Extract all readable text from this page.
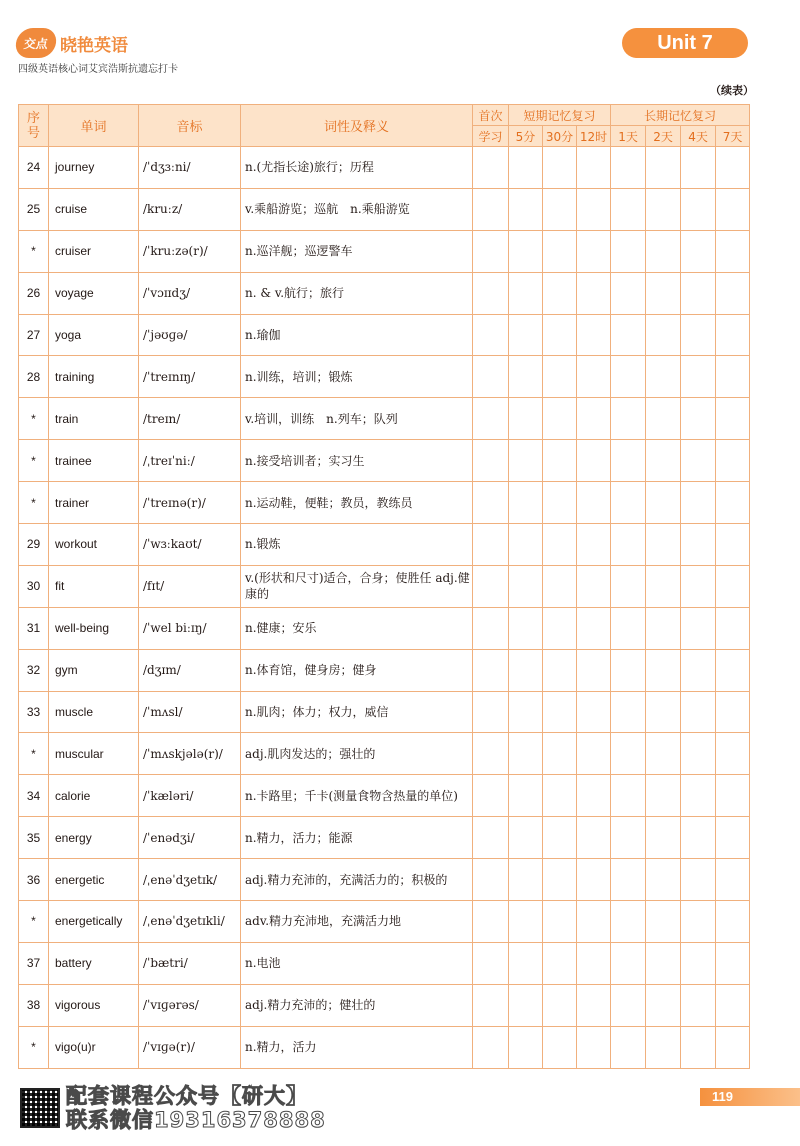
交点 晓艳英语
四级英语核心词艾宾浩斯抗遗忘打卡
Unit 7
（续表）
序
号	单词	音标	词性及释义	首次	短期记忆复习			长期记忆复习			
				学习	5分	30分	12时	1天	2天	4天	7天
24	journey	/ˈdʒɜːni/	n.(尤指长途)旅行；历程								
25	cruise	/kruːz/	v.乘船游览；巡航　n.乘船游览								
*	cruiser	/ˈkruːzə(r)/	n.巡洋舰；巡逻警车								
26	voyage	/ˈvɔɪɪdʒ/	n. & v.航行；旅行								
27	yoga	/ˈjəʊɡə/	n.瑜伽								
28	training	/ˈtreɪnɪŋ/	n.训练，培训；锻炼								
*	train	/treɪn/	v.培训，训练　n.列车；队列								
*	trainee	/ˌtreɪˈniː/	n.接受培训者；实习生								
*	trainer	/ˈtreɪnə(r)/	n.运动鞋，便鞋；教员，教练员								
29	workout	/ˈwɜːkaʊt/	n.锻炼								
30	fit	/fɪt/	v.(形状和尺寸)适合，合身；使胜任 adj.健康的								
31	well-being	/ˈwel biːɪŋ/	n.健康；安乐								
32	gym	/dʒɪm/	n.体育馆，健身房；健身								
33	muscle	/ˈmʌsl/	n.肌肉；体力；权力，威信								
*	muscular	/ˈmʌskjələ(r)/	adj.肌肉发达的；强壮的								
34	calorie	/ˈkæləri/	n.卡路里；千卡(测量食物含热量的单位)								
35	energy	/ˈenədʒi/	n.精力，活力；能源								
36	energetic	/ˌenəˈdʒetɪk/	adj.精力充沛的，充满活力的；积极的								
*	energetically	/ˌenəˈdʒetɪkli/	adv.精力充沛地，充满活力地								
37	battery	/ˈbætri/	n.电池								
38	vigorous	/ˈvɪɡərəs/	adj.精力充沛的；健壮的								
*	vigo(u)r	/ˈvɪɡə(r)/	n.精力，活力								
配套课程公众号【研大】
联系微信19316378888
119
